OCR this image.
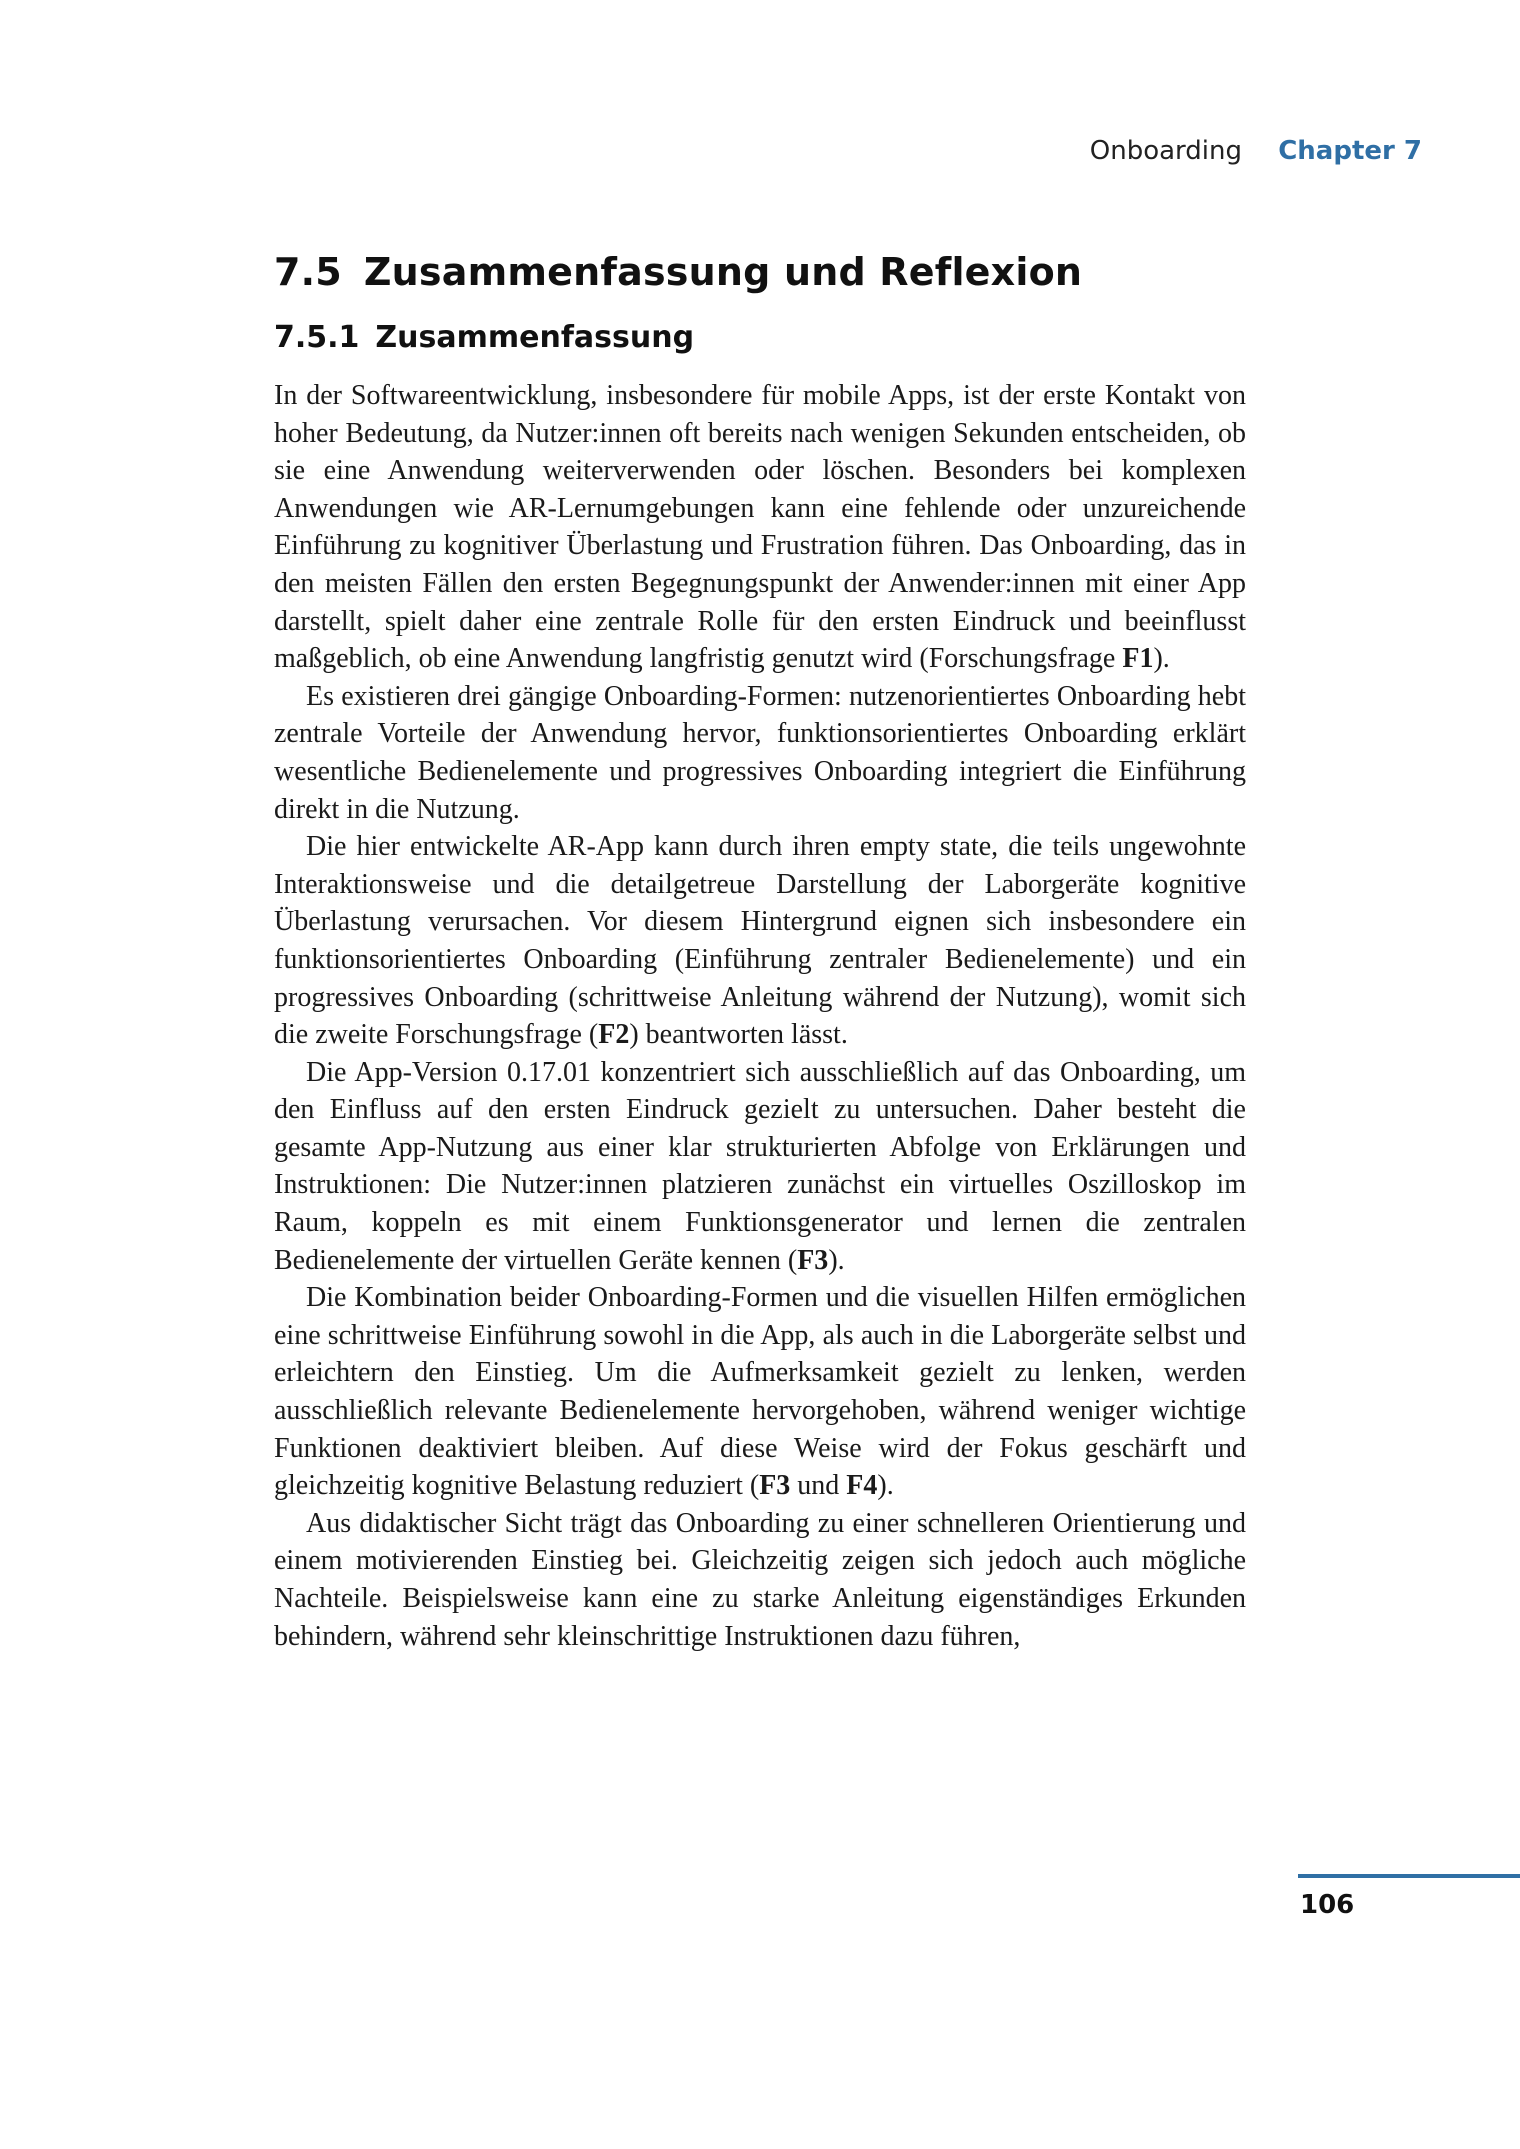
Onboarding Chapter 7
7.5 Zusammenfassung und Reflexion
7.5.1 Zusammenfassung

In der Softwareentwicklung, insbesondere für mobile Apps, ist der erste Kontakt von hoher Bedeutung, da Nutzer:innen oft bereits nach wenigen Sekunden entscheiden, ob sie eine Anwendung weiterverwenden oder löschen. Besonders bei komplexen Anwendungen wie AR-Lernumgebungen kann eine fehlende oder unzureichende Einführung zu kognitiver Überlastung und Frustration führen. Das Onboarding, das in den meisten Fällen den ersten Begegnungspunkt der Anwender:innen mit einer App darstellt, spielt daher eine zentrale Rolle für den ersten Eindruck und beeinflusst maßgeblich, ob eine Anwendung langfristig genutzt wird (Forschungsfrage F1).

Es existieren drei gängige Onboarding-Formen: nutzenorientiertes Onboarding hebt zentrale Vorteile der Anwendung hervor, funktionsorientiertes Onboarding erklärt wesentliche Bedienelemente und progressives Onboarding integriert die Einführung direkt in die Nutzung.

Die hier entwickelte AR-App kann durch ihren empty state, die teils ungewohnte Interaktionsweise und die detailgetreue Darstellung der Laborgeräte kognitive Überlastung verursachen. Vor diesem Hintergrund eignen sich insbesondere ein funktionsorientiertes Onboarding (Einführung zentraler Bedienelemente) und ein progressives Onboarding (schrittweise Anleitung während der Nutzung), womit sich die zweite Forschungsfrage (F2) beantworten lässt.

Die App-Version 0.17.01 konzentriert sich ausschließlich auf das Onboarding, um den Einfluss auf den ersten Eindruck gezielt zu untersuchen. Daher besteht die gesamte App-Nutzung aus einer klar strukturierten Abfolge von Erklärungen und Instruktionen: Die Nutzer:innen platzieren zunächst ein virtuelles Oszilloskop im Raum, koppeln es mit einem Funktionsgenerator und lernen die zentralen Bedienelemente der virtuellen Geräte kennen (F3).

Die Kombination beider Onboarding-Formen und die visuellen Hilfen ermöglichen eine schrittweise Einführung sowohl in die App, als auch in die Laborgeräte selbst und erleichtern den Einstieg. Um die Aufmerksamkeit gezielt zu lenken, werden ausschließlich relevante Bedienelemente hervorgehoben, während weniger wichtige Funktionen deaktiviert bleiben. Auf diese Weise wird der Fokus geschärft und gleichzeitig kognitive Belastung reduziert (F3 und F4).

Aus didaktischer Sicht trägt das Onboarding zu einer schnelleren Orientierung und einem motivierenden Einstieg bei. Gleichzeitig zeigen sich jedoch auch mögliche Nachteile. Beispielsweise kann eine zu starke Anleitung eigenständiges Erkunden behindern, während sehr kleinschrittige Instruktionen dazu führen,

106
